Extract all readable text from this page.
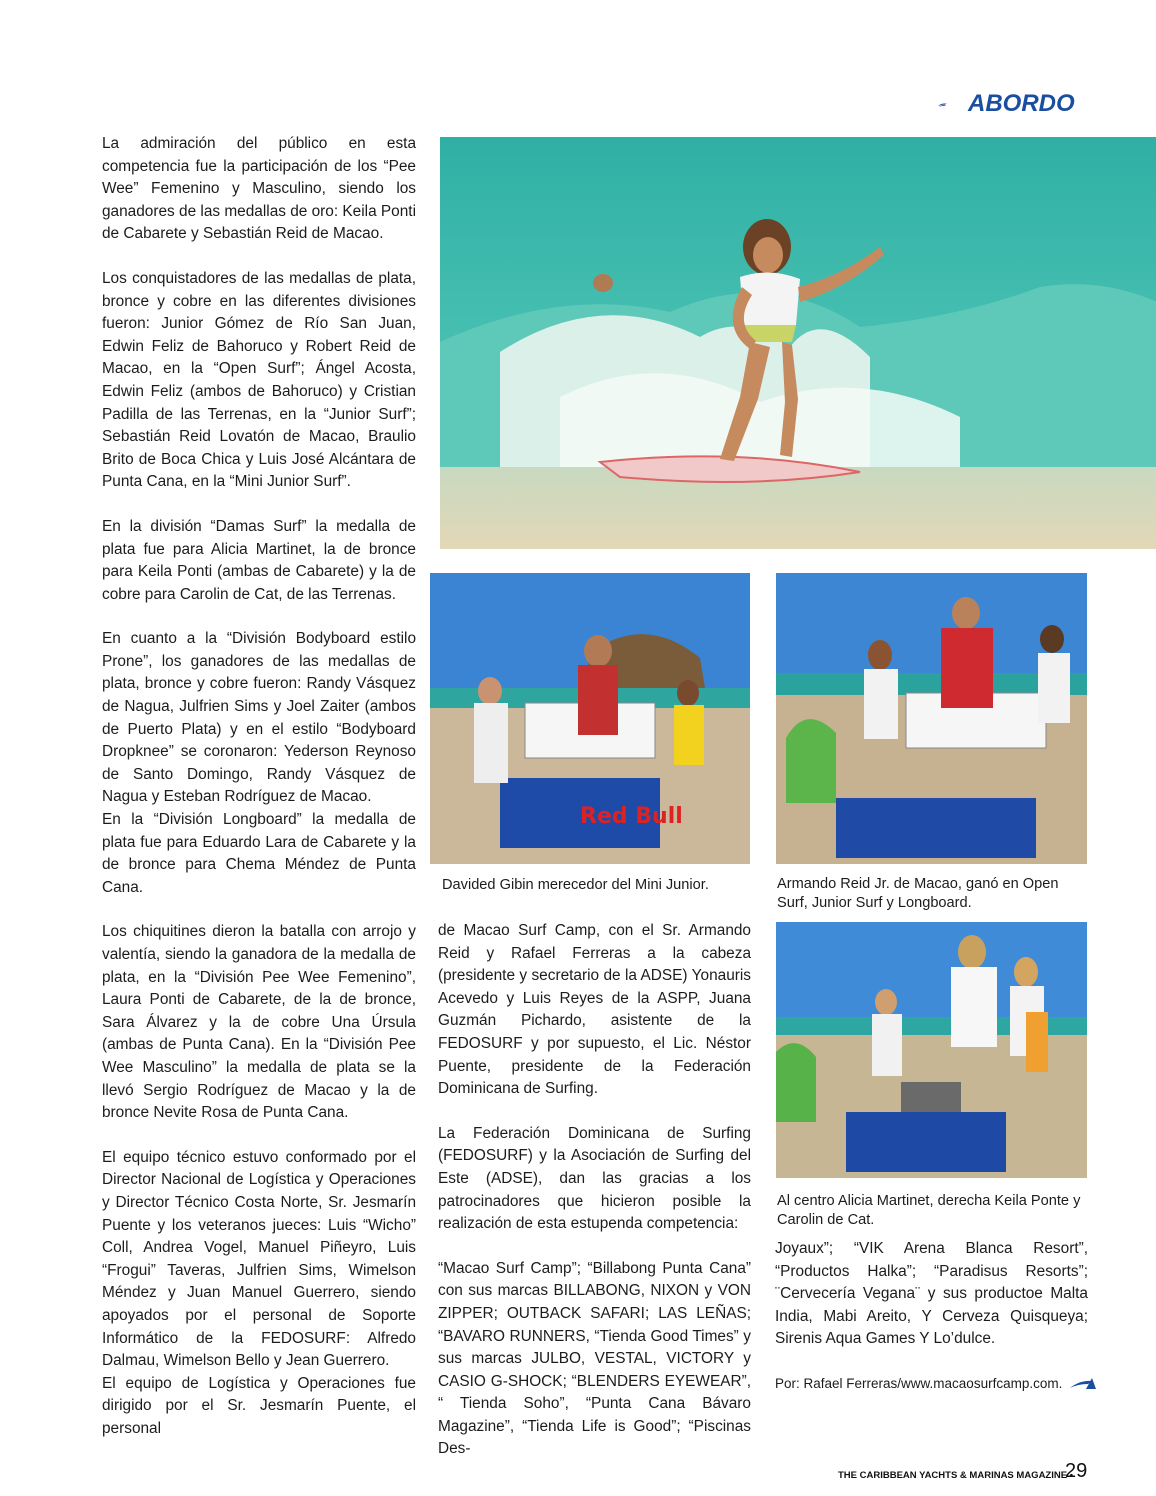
ABORDO

La admiración del público en esta competencia fue la participación de los “Pee Wee” Femenino y Masculino, siendo los ganadores de las medallas de oro: Keila Ponti de Cabarete y Sebastián Reid de Macao.

Los conquistadores de las medallas de plata, bronce y cobre en las diferentes divisiones fueron: Junior Gómez de Río San Juan, Edwin Feliz de Bahoruco y Robert Reid de Macao, en la “Open Surf”; Ángel Acosta, Edwin Feliz (ambos de Bahoruco) y Cristian Padilla de las Terrenas, en la “Junior Surf”; Sebastián Reid Lovatón de Macao, Braulio Brito de Boca Chica y Luis José Alcántara de Punta Cana, en la “Mini Junior Surf”.

En la división “Damas Surf” la medalla de plata fue para Alicia Martinet, la de bronce para Keila Ponti (ambas de Cabarete) y la de cobre para Carolin de Cat, de las Terrenas.

En cuanto a la “División Bodyboard estilo Prone”, los ganadores de las medallas de plata, bronce y cobre fueron: Randy Vásquez de Nagua, Julfrien Sims y Joel Zaiter (ambos de Puerto Plata) y en el estilo “Bodyboard Dropknee” se coronaron: Yederson Reynoso de Santo Domingo, Randy Vásquez de Nagua y Esteban Rodríguez de Macao.

En la “División Longboard” la medalla de plata fue para Eduardo Lara de Cabarete y la de bronce para Chema Méndez de Punta Cana.

Los chiquitines dieron la batalla con arrojo y valentía, siendo la ganadora de la medalla de plata, en la “División Pee Wee Femenino”, Laura Ponti de Cabarete, de la de bronce, Sara Álvarez y la de cobre Una Úrsula (ambas de Punta Cana). En la “División Pee Wee Masculino” la medalla de plata se la llevó Sergio Rodríguez de Macao y la de bronce Nevite Rosa de Punta Cana.

El equipo técnico estuvo conformado por el Director Nacional de Logística y Operaciones y Director Técnico Costa Norte, Sr. Jesmarín Puente y los veteranos jueces: Luis “Wicho” Coll, Andrea Vogel, Manuel Piñeyro, Luis “Frogui” Taveras, Julfrien Sims, Wimelson Méndez y Juan Manuel Guerrero, siendo apoyados por el personal de Soporte Informático de la FEDOSURF: Alfredo Dalmau, Wimelson Bello y Jean Guerrero.

El equipo de Logística y Operaciones fue dirigido por el Sr. Jesmarín Puente, el personal

Red Bull
Davided Gibin merecedor del Mini Junior.	Armando Reid Jr. de Macao, ganó en Open Surf, Junior Surf y Longboard.
Al centro Alicia Martinet, derecha Keila Ponte y Carolin de Cat.

de Macao Surf Camp, con el Sr. Armando Reid y Rafael Ferreras a la cabeza (presidente y secretario de la ADSE) Yonauris Acevedo y Luis Reyes de la ASPP, Juana Guzmán Pichardo, asistente de la FEDOSURF y por supuesto, el Lic. Néstor Puente, presidente de la Federación Dominicana de Surfing.

La Federación Dominicana de Surfing (FEDOSURF) y la Asociación de Surfing del Este (ADSE), dan las gracias a los patrocinadores que hicieron posible la realización de esta estupenda competencia:

“Macao Surf Camp”; “Billabong Punta Cana” con sus marcas BILLABONG, NIXON y VON ZIPPER; OUTBACK SAFARI; LAS LEÑAS; “BAVARO RUNNERS, “Tienda Good Times” y sus marcas JULBO, VESTAL, VICTORY y CASIO G-SHOCK; “BLENDERS EYEWEAR”, “ Tienda Soho”, “Punta Cana Bávaro Magazine”, “Tienda Life is Good”; “Piscinas Des-

Joyaux”; “VIK Arena Blanca Resort”, “Productos Halka”; “Paradisus Resorts”; ¨Cervecería Vegana¨ y sus productoe Malta India, Mabi Areito, Y Cerveza Quisqueya; Sirenis Aqua Games Y Lo’dulce.

Por: Rafael Ferreras/www.macaosurfcamp.com.
THE CARIBBEAN YACHTS & MARINAS MAGAZINE •
29
